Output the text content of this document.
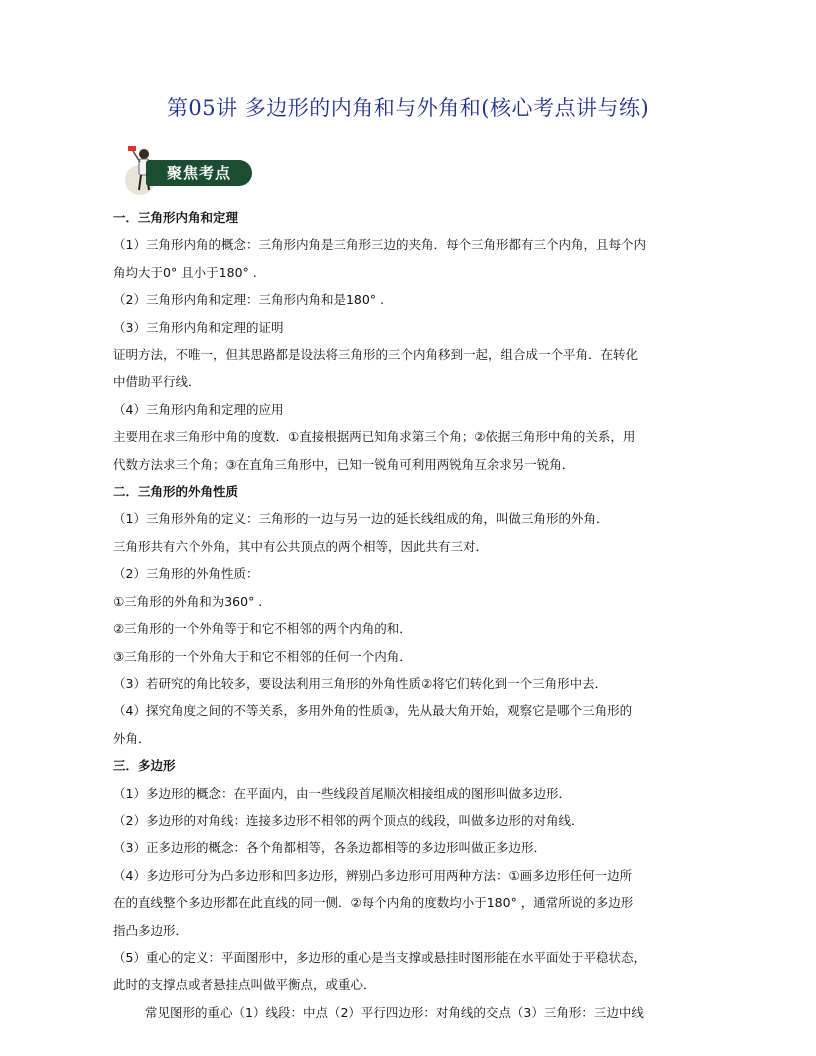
第05讲 多边形的内角和与外角和(核心考点讲与练)
聚焦考点
一．三角形内角和定理
（1）三角形内角的概念：三角形内角是三角形三边的夹角．每个三角形都有三个内角，且每个内
角均大于0° 且小于180° .
（2）三角形内角和定理：三角形内角和是180° .
（3）三角形内角和定理的证明
证明方法，不唯一，但其思路都是设法将三角形的三个内角移到一起，组合成一个平角．在转化
中借助平行线．
（4）三角形内角和定理的应用
主要用在求三角形中角的度数．①直接根据两已知角求第三个角；②依据三角形中角的关系，用
代数方法求三个角；③在直角三角形中，已知一锐角可利用两锐角互余求另一锐角．
二．三角形的外角性质
（1）三角形外角的定义：三角形的一边与另一边的延长线组成的角，叫做三角形的外角．
三角形共有六个外角，其中有公共顶点的两个相等，因此共有三对．
（2）三角形的外角性质：
①三角形的外角和为360° .
②三角形的一个外角等于和它不相邻的两个内角的和．
③三角形的一个外角大于和它不相邻的任何一个内角．
（3）若研究的角比较多，要设法利用三角形的外角性质②将它们转化到一个三角形中去．
（4）探究角度之间的不等关系，多用外角的性质③，先从最大角开始，观察它是哪个三角形的
外角．
三．多边形
（1）多边形的概念：在平面内，由一些线段首尾顺次相接组成的图形叫做多边形．
（2）多边形的对角线：连接多边形不相邻的两个顶点的线段，叫做多边形的对角线．
（3）正多边形的概念：各个角都相等，各条边都相等的多边形叫做正多边形．
（4）多边形可分为凸多边形和凹多边形，辨别凸多边形可用两种方法：①画多边形任何一边所
在的直线整个多边形都在此直线的同一侧．②每个内角的度数均小于180° ，通常所说的多边形
指凸多边形．
（5）重心的定义：平面图形中，多边形的重心是当支撑或悬挂时图形能在水平面处于平稳状态，
此时的支撑点或者悬挂点叫做平衡点，或重心．
常见图形的重心（1）线段：中点（2）平行四边形：对角线的交点（3）三角形：三边中线
